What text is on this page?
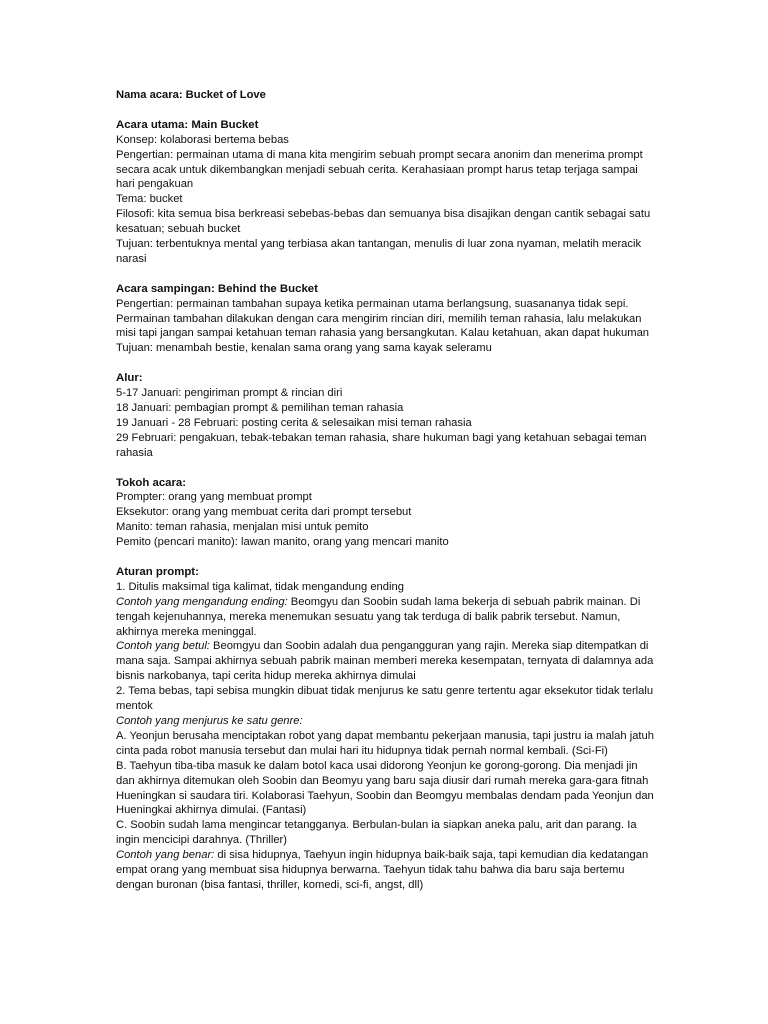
Nama acara: Bucket of Love

Acara utama: Main Bucket

Konsep: kolaborasi bertema bebas

Pengertian: permainan utama di mana kita mengirim sebuah prompt secara anonim dan menerima prompt secara acak untuk dikembangkan menjadi sebuah cerita. Kerahasiaan prompt harus tetap terjaga sampai hari pengakuan

Tema: bucket

Filosofi: kita semua bisa berkreasi sebebas-bebas dan semuanya bisa disajikan dengan cantik sebagai satu kesatuan; sebuah bucket

Tujuan: terbentuknya mental yang terbiasa akan tantangan, menulis di luar zona nyaman, melatih meracik narasi

Acara sampingan: Behind the Bucket

Pengertian: permainan tambahan supaya ketika permainan utama berlangsung, suasananya tidak sepi. Permainan tambahan dilakukan dengan cara mengirim rincian diri, memilih teman rahasia, lalu melakukan misi tapi jangan sampai ketahuan teman rahasia yang bersangkutan. Kalau ketahuan, akan dapat hukuman

Tujuan: menambah bestie, kenalan sama orang yang sama kayak seleramu

Alur:

5-17 Januari: pengiriman prompt & rincian diri

18 Januari: pembagian prompt & pemilihan teman rahasia

19 Januari - 28 Februari: posting cerita & selesaikan misi teman rahasia

29 Februari: pengakuan, tebak-tebakan teman rahasia, share hukuman bagi yang ketahuan sebagai teman rahasia

Tokoh acara:

Prompter: orang yang membuat prompt

Eksekutor: orang yang membuat cerita dari prompt tersebut

Manito: teman rahasia, menjalan misi untuk pemito

Pemito (pencari manito): lawan manito, orang yang mencari manito

Aturan prompt:

1. Ditulis maksimal tiga kalimat, tidak mengandung ending

Contoh yang mengandung ending: Beomgyu dan Soobin sudah lama bekerja di sebuah pabrik mainan. Di tengah kejenuhannya, mereka menemukan sesuatu yang tak terduga di balik pabrik tersebut. Namun, akhirnya mereka meninggal.

Contoh yang betul: Beomgyu dan Soobin adalah dua pengangguran yang rajin. Mereka siap ditempatkan di mana saja. Sampai akhirnya sebuah pabrik mainan memberi mereka kesempatan, ternyata di dalamnya ada bisnis narkobanya, tapi cerita hidup mereka akhirnya dimulai

2. Tema bebas, tapi sebisa mungkin dibuat tidak menjurus ke satu genre tertentu agar eksekutor tidak terlalu mentok

Contoh yang menjurus ke satu genre:

A. Yeonjun berusaha menciptakan robot yang dapat membantu pekerjaan manusia, tapi justru ia malah jatuh cinta pada robot manusia tersebut dan mulai hari itu hidupnya tidak pernah normal kembali. (Sci-Fi)

B. Taehyun tiba-tiba masuk ke dalam botol kaca usai didorong Yeonjun ke gorong-gorong. Dia menjadi jin dan akhirnya ditemukan oleh Soobin dan Beomyu yang baru saja diusir dari rumah mereka gara-gara fitnah Hueningkan si saudara tiri. Kolaborasi Taehyun, Soobin dan Beomgyu membalas dendam pada Yeonjun dan Hueningkai akhirnya dimulai. (Fantasi)

C. Soobin sudah lama mengincar tetangganya. Berbulan-bulan ia siapkan aneka palu, arit dan parang. Ia ingin mencicipi darahnya. (Thriller)

Contoh yang benar: di sisa hidupnya, Taehyun ingin hidupnya baik-baik saja, tapi kemudian dia kedatangan empat orang yang membuat sisa hidupnya berwarna. Taehyun tidak tahu bahwa dia baru saja bertemu dengan buronan (bisa fantasi, thriller, komedi, sci-fi, angst, dll)
